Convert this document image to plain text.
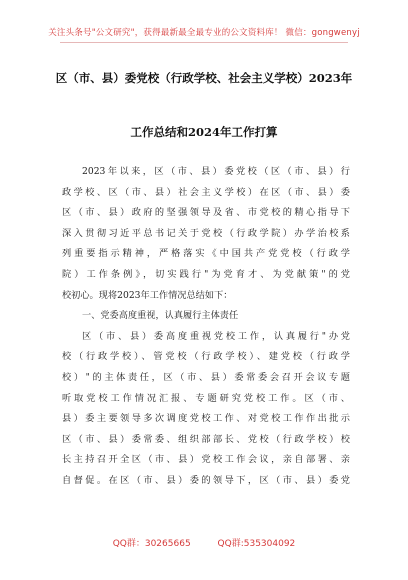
关注头条号"公文研究"，获得最新最全最专业的公文资料库！ 微信：gongwenyj
区（市、县）委党校（行政学校、社会主义学校）2023年
工作总结和2024年工作打算
2023年以来，区（市、县）委党校（区（市、县）行
政学校、区（市、县）社会主义学校）在区（市、县）委
区（市、县）政府的坚强领导及省、市党校的精心指导下
深入贯彻习近平总书记关于党校（行政学院）办学治校系
列重要指示精神，严格落实《中国共产党党校（行政学
院）工作条例》，切实践行"为党育才、为党献策"的党
校初心。现将2023年工作情况总结如下：
一、党委高度重视，认真履行主体责任
区（市、县）委高度重视党校工作，认真履行"办党
校（行政学校）、管党校（行政学校）、建党校（行政学
校）"的主体责任，区（市、县）委常委会召开会议专题
听取党校工作情况汇报、专题研究党校工作。区（市、
县）委主要领导多次调度党校工作、对党校工作作出批示
区（市、县）委常委、组织部部长、党校（行政学校）校
长主持召开全区（市、县）党校工作会议，亲自部署、亲
自督促。在区（市、县）委的领导下，区（市、县）委党
QQ群：30265665	QQ群:535304092
